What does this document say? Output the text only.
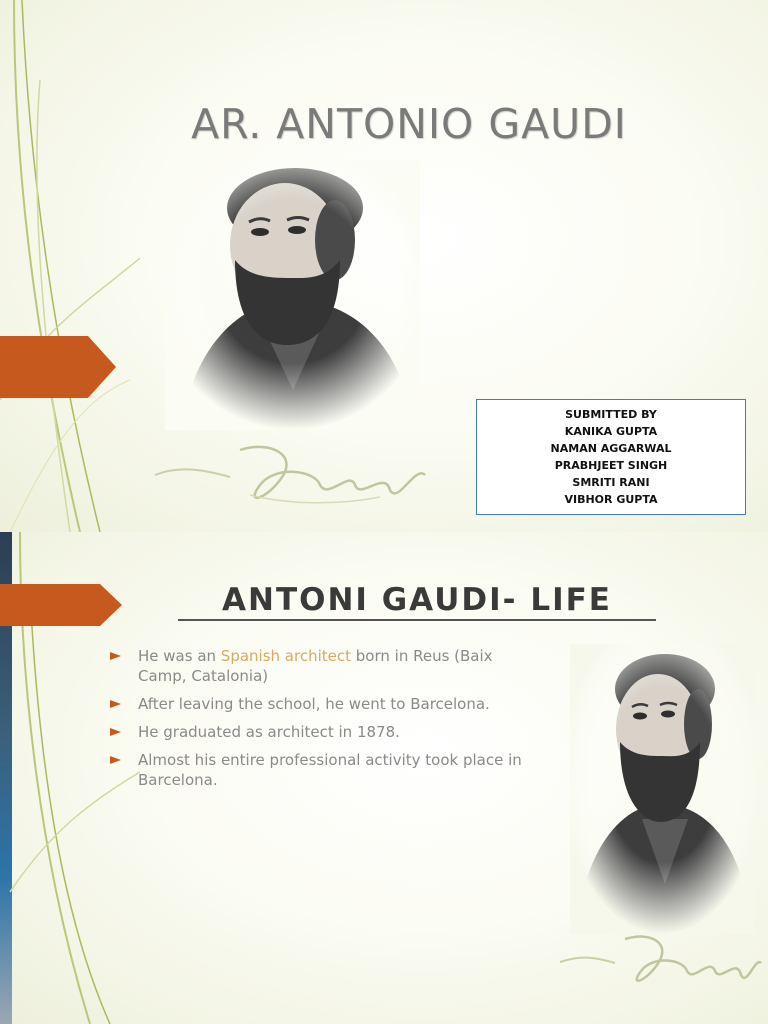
AR. ANTONIO GAUDI
SUBMITTED BY
KANIKA GUPTA
NAMAN AGGARWAL
PRABHJEET SINGH
SMRITI RANI
VIBHOR GUPTA
ANTONI GAUDI- LIFE
He was an Spanish architect born in Reus (Baix Camp, Catalonia)
After leaving the school, he went to Barcelona.
He graduated as architect in 1878.
Almost his entire professional activity took place in Barcelona.
